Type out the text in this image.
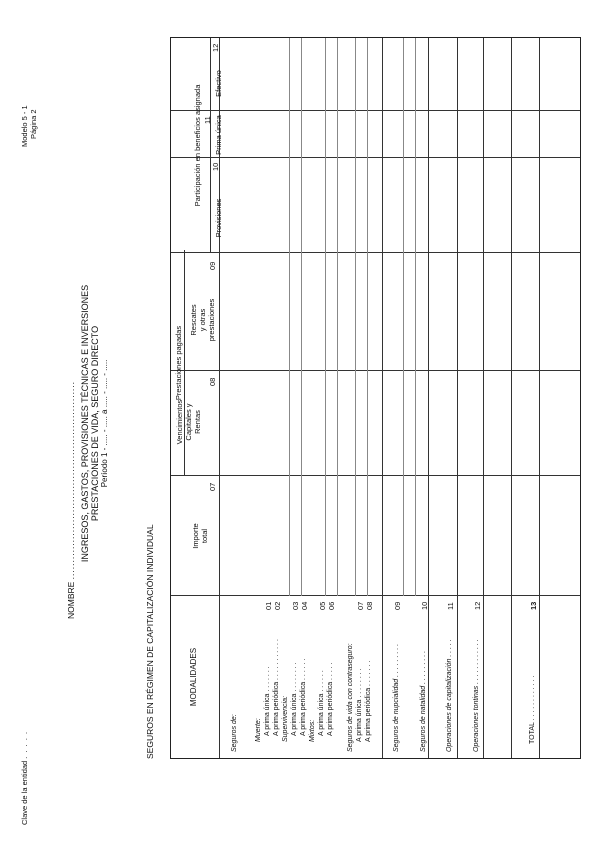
Clave de la entidad . . . . .
Modelo 5 - 1 Página 2
NOMBRE ........................................................... INGRESOS, GASTOS, PROVISIONES TÉCNICAS E INVERSIONES PRESTACIONES DE VIDA, SEGURO DIRECTO Período 1 - ..... - ..... a ..... - ..... - .....
SEGUROS EN RÉGIMEN DE CAPITALIZACIÓN INDIVIDUAL	MODALIDADES
Prestaciones pagadas
Participación en beneficios asignada
Importe total
07
Vencimientos Capitales y Rentas
08
Rescates y otras prestaciones
09
Provisiones
10
Prima única
11
Efectivo
12
Seguros de: Muerte: A prima única . . . . . . .
01
A prima periódica . . . . . . . . . . .
02
Supervivencia: A prima única . . . . . . . .
03
A prima periódica . . . . . .
04
Mixtos: A prima única . . . . . .
05
A prima periódica . . . . .
06
Seguros de vida con contraseguro: A prima única . . . . . . . .
07
A prima periódica . . . . . . .
08
Seguros de nupcialidad . . . . . . . . .
09
Seguros de natalidad . . . . . . . . .
10
Operaciones de capitalización . . . . .
11
Operaciones tontinas . . . . . . . . . . . .
12
TOTAL . . . . . . . . . . . .
13
